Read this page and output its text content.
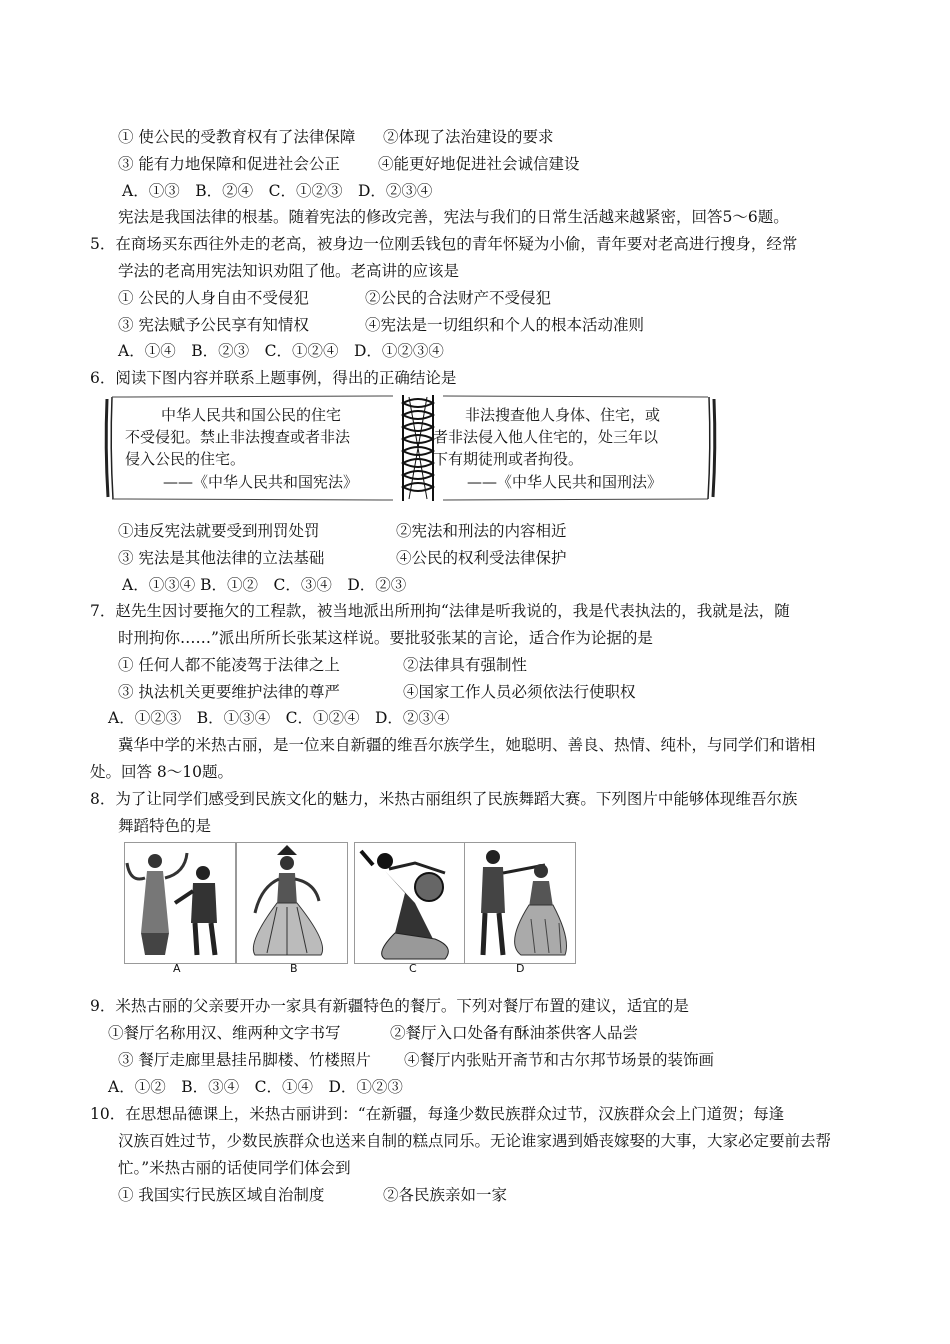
① 使公民的受教育权有了法律保障 ②体现了法治建设的要求
③ 能有力地保障和促进社会公正 ④能更好地促进社会诚信建设
A．①③　B．②④　C．①②③　D．②③④
宪法是我国法律的根基。随着宪法的修改完善，宪法与我们的日常生活越来越紧密，回答5～6题。
5．在商场买东西往外走的老高，被身边一位刚丢钱包的青年怀疑为小偷，青年要对老高进行搜身，经常
学法的老高用宪法知识劝阻了他。老高讲的应该是
① 公民的人身自由不受侵犯	②公民的合法财产不受侵犯
③ 宪法赋予公民享有知情权	④宪法是一切组织和个人的根本活动准则
A．①④　B．②③　C．①②④　D．①②③④
6．阅读下图内容并联系上题事例，得出的正确结论是
中华人民共和国公民的住宅
不受侵犯。禁止非法搜查或者非法
侵入公民的住宅。
——《中华人民共和国宪法》
非法搜查他人身体、住宅，或
者非法侵入他人住宅的，处三年以
下有期徒刑或者拘役。
——《中华人民共和国刑法》
①违反宪法就要受到刑罚处罚	②宪法和刑法的内容相近
③ 宪法是其他法律的立法基础	④公民的权利受法律保护
A．①③④ B．①②　C．③④　D．②③
7．赵先生因讨要拖欠的工程款，被当地派出所刑拘“法律是听我说的，我是代表执法的，我就是法，随
时刑拘你……”派出所所长张某这样说。要批驳张某的言论，适合作为论据的是
① 任何人都不能凌驾于法律之上	②法律具有强制性
③ 执法机关更要维护法律的尊严	④国家工作人员必须依法行使职权
A．①②③　B．①③④　C．①②④　D．②③④
冀华中学的米热古丽，是一位来自新疆的维吾尔族学生，她聪明、善良、热情、纯朴，与同学们和谐相
处。回答 8～10题。
8．为了让同学们感受到民族文化的魅力，米热古丽组织了民族舞蹈大赛。下列图片中能够体现维吾尔族
舞蹈特色的是
A	B	C	D
9．米热古丽的父亲要开办一家具有新疆特色的餐厅。下列对餐厅布置的建议，适宜的是
①餐厅名称用汉、维两种文字书写	②餐厅入口处备有酥油茶供客人品尝
③ 餐厅走廊里悬挂吊脚楼、竹楼照片 ④餐厅内张贴开斋节和古尔邦节场景的装饰画
A．①②　B．③④　C．①④　D．①②③
10．在思想品德课上，米热古丽讲到：“在新疆，每逢少数民族群众过节，汉族群众会上门道贺；每逢
汉族百姓过节，少数民族群众也送来自制的糕点同乐。无论谁家遇到婚丧嫁娶的大事，大家必定要前去帮
忙。”米热古丽的话使同学们体会到
① 我国实行民族区域自治制度	②各民族亲如一家
